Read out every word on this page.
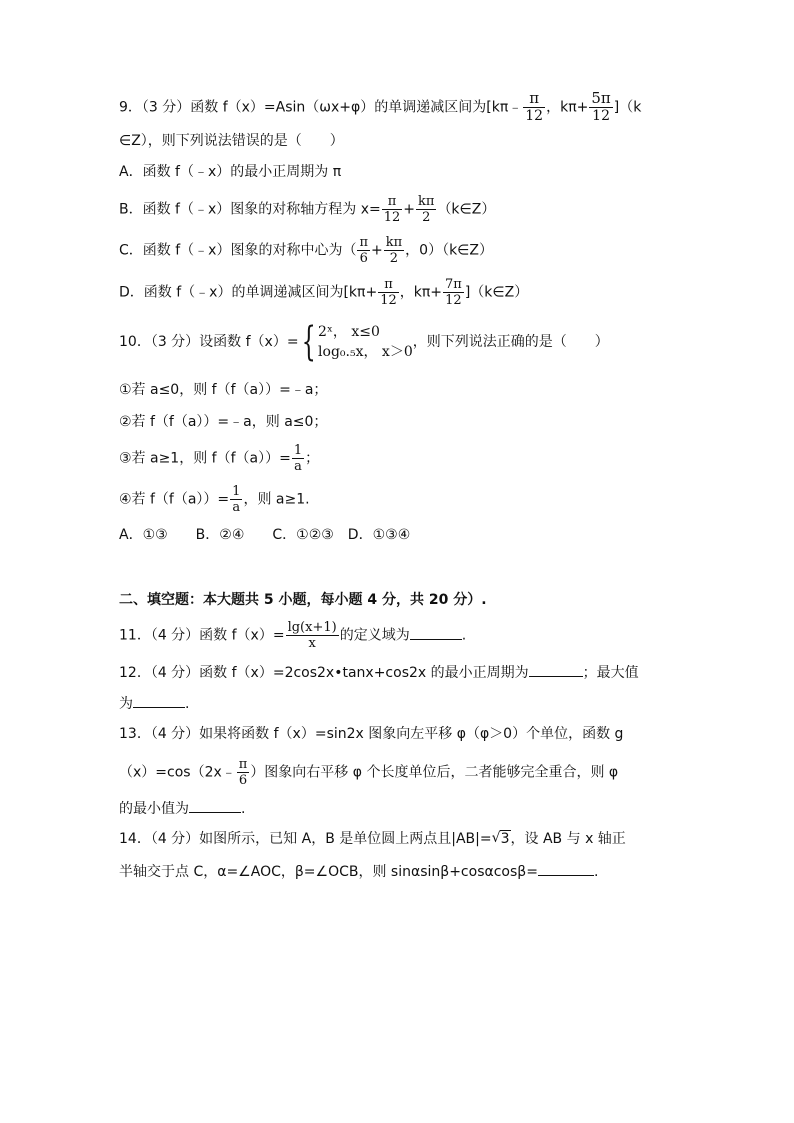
9．（3 分）函数 f（x）=Asin（ωx+φ）的单调递减区间为[kπ﹣ $\frac{\pi}{12}$ ，$k\pi+ \frac{5\pi}{12} ](k$
∈Z），则下列说法错误的是（　　）
A．函数 f（﹣x）的最小正周期为 π
B．函数 f（﹣x）图象的对称轴方程为 $x= \frac{\pi}{12} + \frac{k\pi}{2}$ （k∈Z）
C．函数 f（﹣x）图象的对称中心为（ $\frac{\pi}{6} + \frac{k\pi}{2}$ ，0）（k∈Z）
D．函数 f（﹣x）的单调递减区间为[$k\pi+ \frac{\pi}{12}$ ，$k\pi+ \frac{7\pi}{12}$ ]（k∈Z）
10．（3 分）设函数 f（x）={ 2ˣ， x≤0
log₀.₅x， x＞0
，则下列说法正确的是（　　）
①若 a≤0，则 f（f（a））=﹣a；
②若 f（f（a））=﹣a，则 a≤0；
③若 a≥1，则 $f(f(a))= \frac{1}{a}$ ；
④若 $f(f(a))= \frac{1}{a}$ ，则 a≥1.
A．①③　　B．②④　　C．①②③　D．①③④
二、填空题：本大题共 5 小题，每小题 4 分，共 20 分）.
11．（4 分）函数 $f(x)= \frac{\lg(x+1)}{x}$ 的定义域为	.
12．（4 分）函数 f（x）=2cos2x•tanx+cos2x 的最小正周期为	；最大值
为	.
13．（4 分）如果将函数 f（x）=sin2x 图象向左平移 φ（φ＞0）个单位，函数 g
（x）=cos（2x﹣ $\frac{\pi}{6}$ ）图象向右平移 φ 个长度单位后，二者能够完全重合，则 φ
的最小值为	.
14．（4 分）如图所示，已知 A，B 是单位圆上两点且|AB|= √ 3，设 AB 与 x 轴正
半轴交于点 C，α=∠AOC，β=∠OCB，则 sinαsinβ+cosαcosβ=	.
